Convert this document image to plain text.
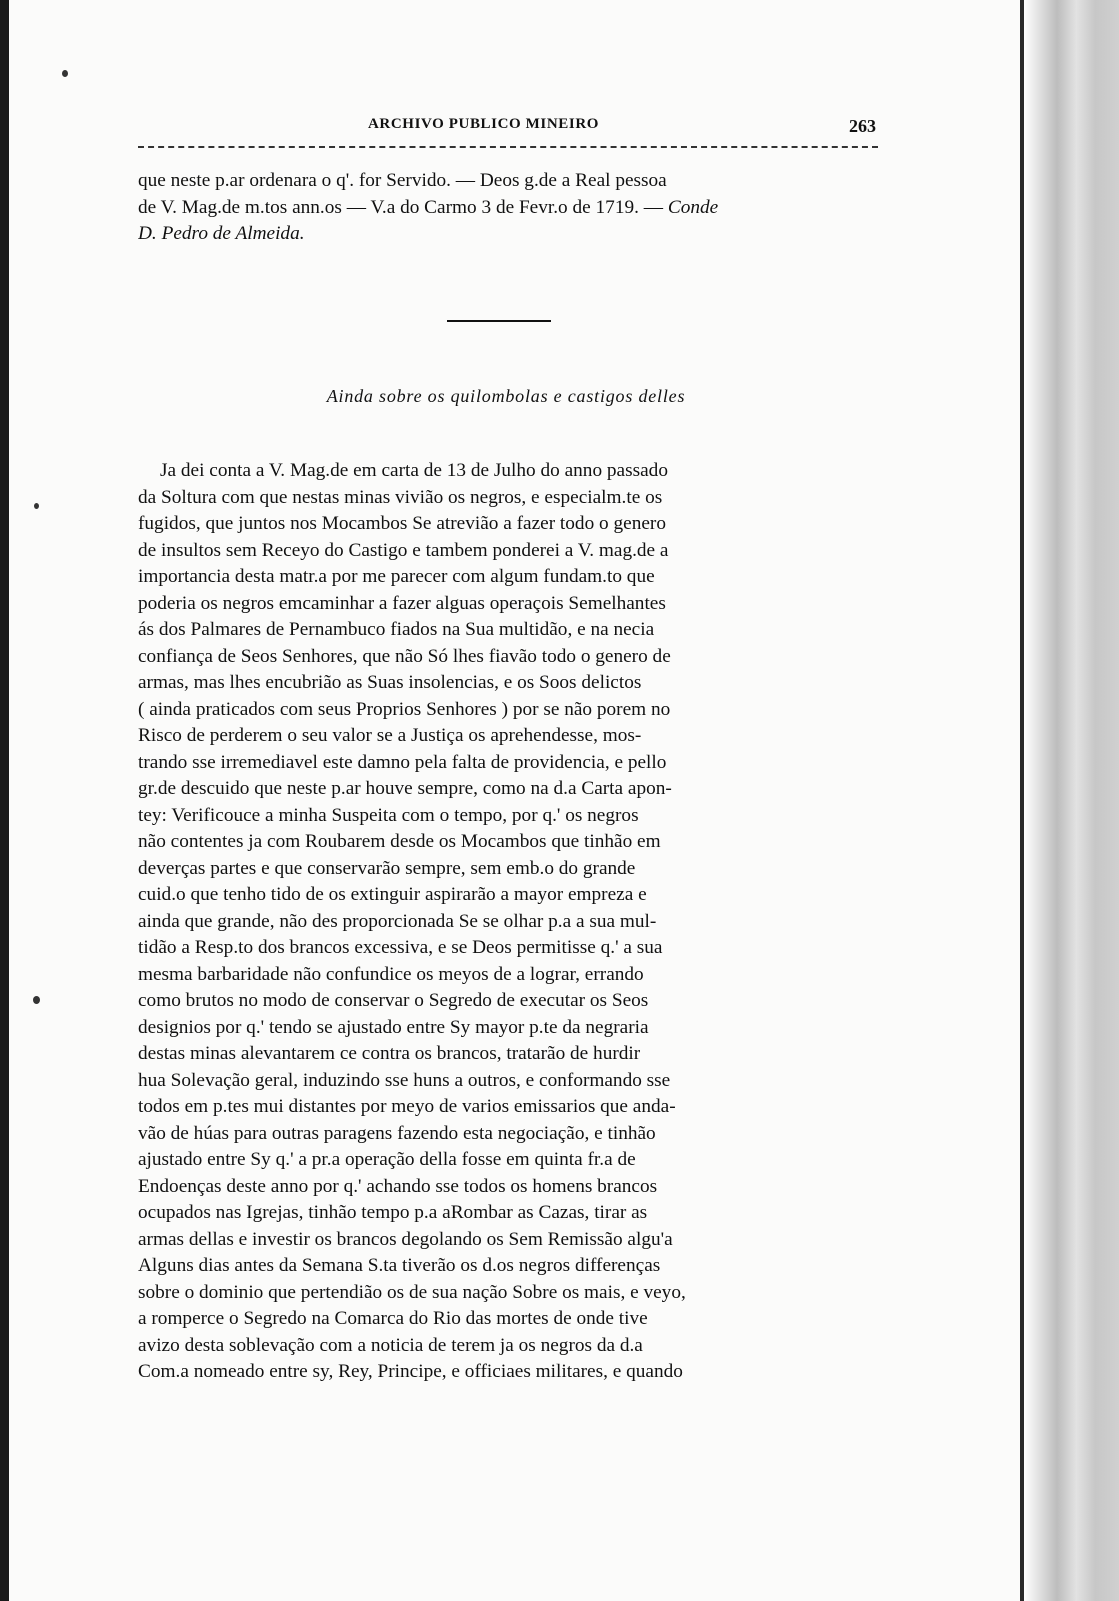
ARCHIVO PUBLICO MINEIRO	263
que neste p.ar ordenara o q'. for Servido. — Deos g.de a Real pessoa
de V. Mag.de m.tos ann.os — V.a do Carmo 3 de Fevr.o de 1719. — Conde
D. Pedro de Almeida.
Ainda sobre os quilombolas e castigos delles
Ja dei conta a V. Mag.de em carta de 13 de Julho do anno passado
da Soltura com que nestas minas vivião os negros, e especialm.te os
fugidos, que juntos nos Mocambos Se atrevião a fazer todo o genero
de insultos sem Receyo do Castigo e tambem ponderei a V. mag.de a
importancia desta matr.a por me parecer com algum fundam.to que
poderia os negros emcaminhar a fazer alguas operaçois Semelhantes
ás dos Palmares de Pernambuco fiados na Sua multidão, e na necia
confiança de Seos Senhores, que não Só lhes fiavão todo o genero de
armas, mas lhes encubrião as Suas insolencias, e os Soos delictos
( ainda praticados com seus Proprios Senhores ) por se não porem no
Risco de perderem o seu valor se a Justiça os aprehendesse, mos-
trando sse irremediavel este damno pela falta de providencia, e pello
gr.de descuido que neste p.ar houve sempre, como na d.a Carta apon-
tey: Verificouce a minha Suspeita com o tempo, por q.' os negros
não contentes ja com Roubarem desde os Mocambos que tinhão em
deverças partes e que conservarão sempre, sem emb.o do grande
cuid.o que tenho tido de os extinguir aspirarão a mayor empreza e
ainda que grande, não des proporcionada Se se olhar p.a a sua mul-
tidão a Resp.to dos brancos excessiva, e se Deos permitisse q.' a sua
mesma barbaridade não confundice os meyos de a lograr, errando
como brutos no modo de conservar o Segredo de executar os Seos
designios por q.' tendo se ajustado entre Sy mayor p.te da negraria
destas minas alevantarem ce contra os brancos, tratarão de hurdir
hua Solevação geral, induzindo sse huns a outros, e conformando sse
todos em p.tes mui distantes por meyo de varios emissarios que anda-
vão de húas para outras paragens fazendo esta negociação, e tinhão
ajustado entre Sy q.' a pr.a operação della fosse em quinta fr.a de
Endoenças deste anno por q.' achando sse todos os homens brancos
ocupados nas Igrejas, tinhão tempo p.a aRombar as Cazas, tirar as
armas dellas e investir os brancos degolando os Sem Remissão algu'a
Alguns dias antes da Semana S.ta tiverão os d.os negros differenças
sobre o dominio que pertendião os de sua nação Sobre os mais, e veyo,
a romperce o Segredo na Comarca do Rio das mortes de onde tive
avizo desta soblevação com a noticia de terem ja os negros da d.a
Com.a nomeado entre sy, Rey, Principe, e officiaes militares, e quando
